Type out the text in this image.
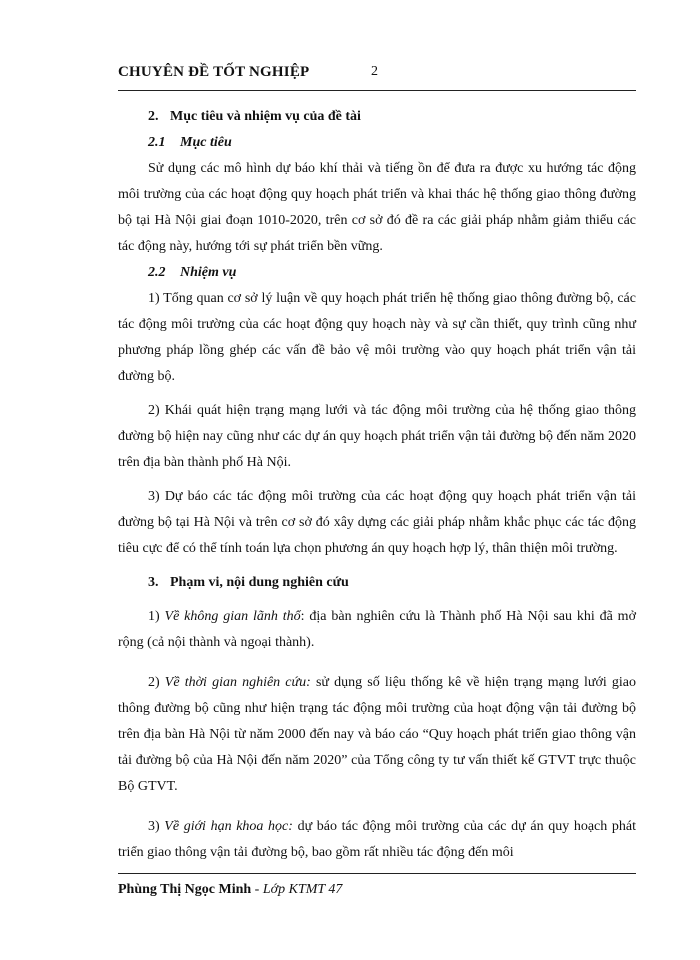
CHUYÊN ĐỀ TỐT NGHIỆP	2
2. Mục tiêu và nhiệm vụ của đề tài
2.1 Mục tiêu

Sử dụng các mô hình dự báo khí thải và tiếng ồn để đưa ra được xu hướng tác động môi trường của các hoạt động quy hoạch phát triển và khai thác hệ thống giao thông đường bộ tại Hà Nội giai đoạn 1010-2020, trên cơ sở đó đề ra các giải pháp nhằm giảm thiểu các tác động này, hướng tới sự phát triển bền vững.

2.2 Nhiệm vụ

1) Tổng quan cơ sở lý luận về quy hoạch phát triển hệ thống giao thông đường bộ, các tác động môi trường của các hoạt động quy hoạch này và sự cần thiết, quy trình cũng như phương pháp lồng ghép các vấn đề bảo vệ môi trường vào quy hoạch phát triển vận tải đường bộ.

2) Khái quát hiện trạng mạng lưới và tác động môi trường của hệ thống giao thông đường bộ hiện nay cũng như các dự án quy hoạch phát triển vận tải đường bộ đến năm 2020 trên địa bàn thành phố Hà Nội.

3) Dự báo các tác động môi trường của các hoạt động quy hoạch phát triển vận tải đường bộ tại Hà Nội và trên cơ sở đó xây dựng các giải pháp nhằm khắc phục các tác động tiêu cực để có thể tính toán lựa chọn phương án quy hoạch hợp lý, thân thiện môi trường.

3. Phạm vi, nội dung nghiên cứu

1) Về không gian lãnh thổ: địa bàn nghiên cứu là Thành phố Hà Nội sau khi đã mở rộng (cả nội thành và ngoại thành).

2) Về thời gian nghiên cứu: sử dụng số liệu thống kê về hiện trạng mạng lưới giao thông đường bộ cũng như hiện trạng tác động môi trường của hoạt động vận tải đường bộ trên địa bàn Hà Nội từ năm 2000 đến nay và báo cáo “Quy hoạch phát triển giao thông vận tải đường bộ của Hà Nội đến năm 2020” của Tổng công ty tư vấn thiết kế GTVT trực thuộc Bộ GTVT.

3) Về giới hạn khoa học: dự báo tác động môi trường của các dự án quy hoạch phát triển giao thông vận tải đường bộ, bao gồm rất nhiều tác động đến môi

Phùng Thị Ngọc Minh - Lớp KTMT 47
